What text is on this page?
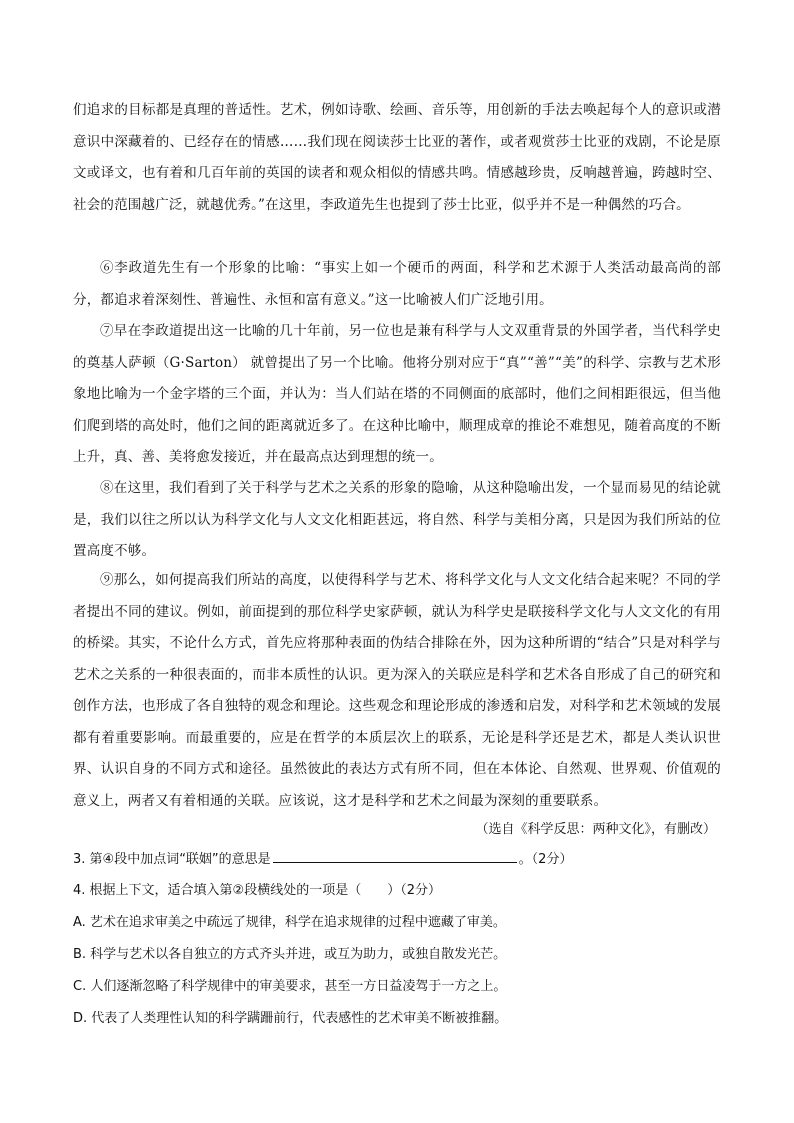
们追求的目标都是真理的普适性。艺术，例如诗歌、绘画、音乐等，用创新的手法去唤起每个人的意识或潜意识中深藏着的、已经存在的情感……我们现在阅读莎士比亚的著作，或者观赏莎士比亚的戏剧，不论是原文或译文，也有着和几百年前的英国的读者和观众相似的情感共鸣。情感越珍贵，反响越普遍，跨越时空、社会的范围越广泛，就越优秀。”在这里，李政道先生也提到了莎士比亚，似乎并不是一种偶然的巧合。
⑥李政道先生有一个形象的比喻：“事实上如一个硬币的两面，科学和艺术源于人类活动最高尚的部分，都追求着深刻性、普遍性、永恒和富有意义。”这一比喻被人们广泛地引用。
⑦早在李政道提出这一比喻的几十年前，另一位也是兼有科学与人文双重背景的外国学者，当代科学史的奠基人萨顿（G·Sarton） 就曾提出了另一个比喻。他将分别对应于“真”“善”“美”的科学、宗教与艺术形象地比喻为一个金字塔的三个面，并认为：当人们站在塔的不同侧面的底部时，他们之间相距很远，但当他们爬到塔的高处时，他们之间的距离就近多了。在这种比喻中，顺理成章的推论不难想见，随着高度的不断上升，真、善、美将愈发接近，并在最高点达到理想的统一。
⑧在这里，我们看到了关于科学与艺术之关系的形象的隐喻，从这种隐喻出发，一个显而易见的结论就是，我们以往之所以认为科学文化与人文文化相距甚远，将自然、科学与美相分离，只是因为我们所站的位置高度不够。
⑨那么，如何提高我们所站的高度，以使得科学与艺术、将科学文化与人文文化结合起来呢？不同的学者提出不同的建议。例如，前面提到的那位科学史家萨顿，就认为科学史是联接科学文化与人文文化的有用的桥梁。其实，不论什么方式，首先应将那种表面的伪结合排除在外，因为这种所谓的“结合”只是对科学与艺术之关系的一种很表面的，而非本质性的认识。更为深入的关联应是科学和艺术各自形成了自己的研究和创作方法，也形成了各自独特的观念和理论。这些观念和理论形成的渗透和启发，对科学和艺术领域的发展都有着重要影响。而最重要的，应是在哲学的本质层次上的联系，无论是科学还是艺术，都是人类认识世界、认识自身的不同方式和途径。虽然彼此的表达方式有所不同，但在本体论、自然观、世界观、价值观的意义上，两者又有着相通的关联。应该说，这才是科学和艺术之间最为深刻的重要联系。
（选自《科学反思：两种文化》，有删改）
3. 第④段中加点词“联姻”的意思是	。（2分）
4. 根据上下文，适合填入第②段横线处的一项是（　　）（2分）
A. 艺术在追求审美之中疏远了规律，科学在追求规律的过程中遮藏了审美。
B. 科学与艺术以各自独立的方式齐头并进，或互为助力，或独自散发光芒。
C. 人们逐渐忽略了科学规律中的审美要求，甚至一方日益凌驾于一方之上。
D. 代表了人类理性认知的科学蹒跚前行，代表感性的艺术审美不断被推翻。
